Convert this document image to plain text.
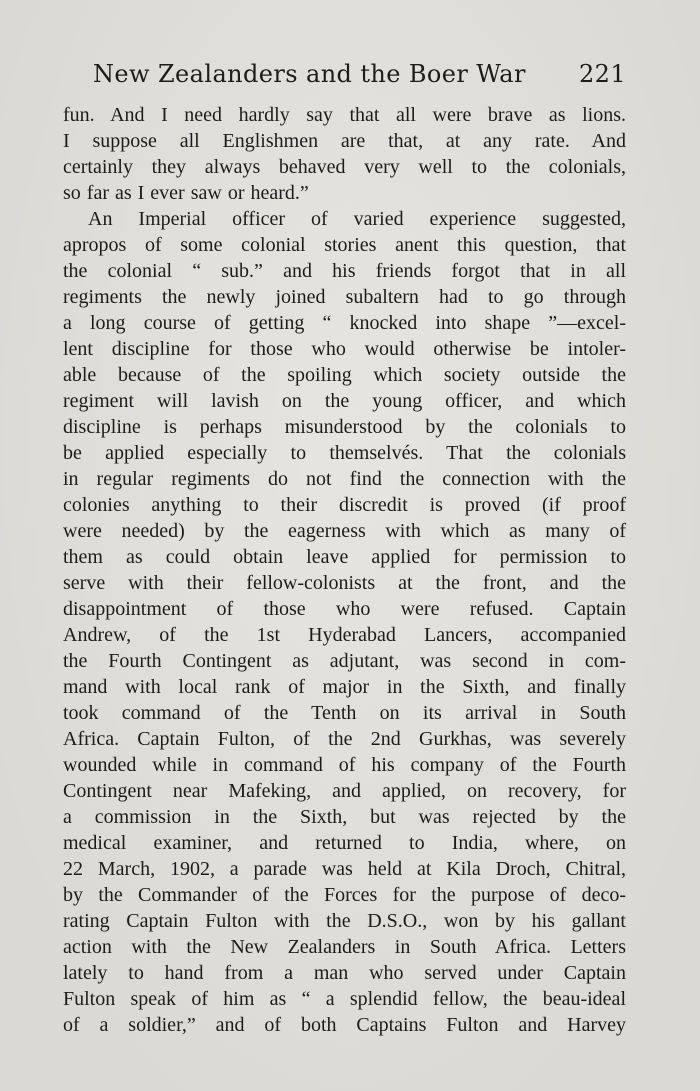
New Zealanders and the Boer War 221
fun. And I need hardly say that all were brave as lions.
I suppose all Englishmen are that, at any rate. And
certainly they always behaved very well to the colonials,
so far as I ever saw or heard.”
An Imperial officer of varied experience suggested,
apropos of some colonial stories anent this question, that
the colonial “ sub.” and his friends forgot that in all
regiments the newly joined subaltern had to go through
a long course of getting “ knocked into shape ”—excel-
lent discipline for those who would otherwise be intoler-
able because of the spoiling which society outside the
regiment will lavish on the young officer, and which
discipline is perhaps misunderstood by the colonials to
be applied especially to themselvés. That the colonials
in regular regiments do not find the connection with the
colonies anything to their discredit is proved (if proof
were needed) by the eagerness with which as many of
them as could obtain leave applied for permission to
serve with their fellow-colonists at the front, and the
disappointment of those who were refused. Captain
Andrew, of the 1st Hyderabad Lancers, accompanied
the Fourth Contingent as adjutant, was second in com-
mand with local rank of major in the Sixth, and finally
took command of the Tenth on its arrival in South
Africa. Captain Fulton, of the 2nd Gurkhas, was severely
wounded while in command of his company of the Fourth
Contingent near Mafeking, and applied, on recovery, for
a commission in the Sixth, but was rejected by the
medical examiner, and returned to India, where, on
22 March, 1902, a parade was held at Kila Droch, Chitral,
by the Commander of the Forces for the purpose of deco-
rating Captain Fulton with the D.S.O., won by his gallant
action with the New Zealanders in South Africa. Letters
lately to hand from a man who served under Captain
Fulton speak of him as “ a splendid fellow, the beau-ideal
of a soldier,” and of both Captains Fulton and Harvey
